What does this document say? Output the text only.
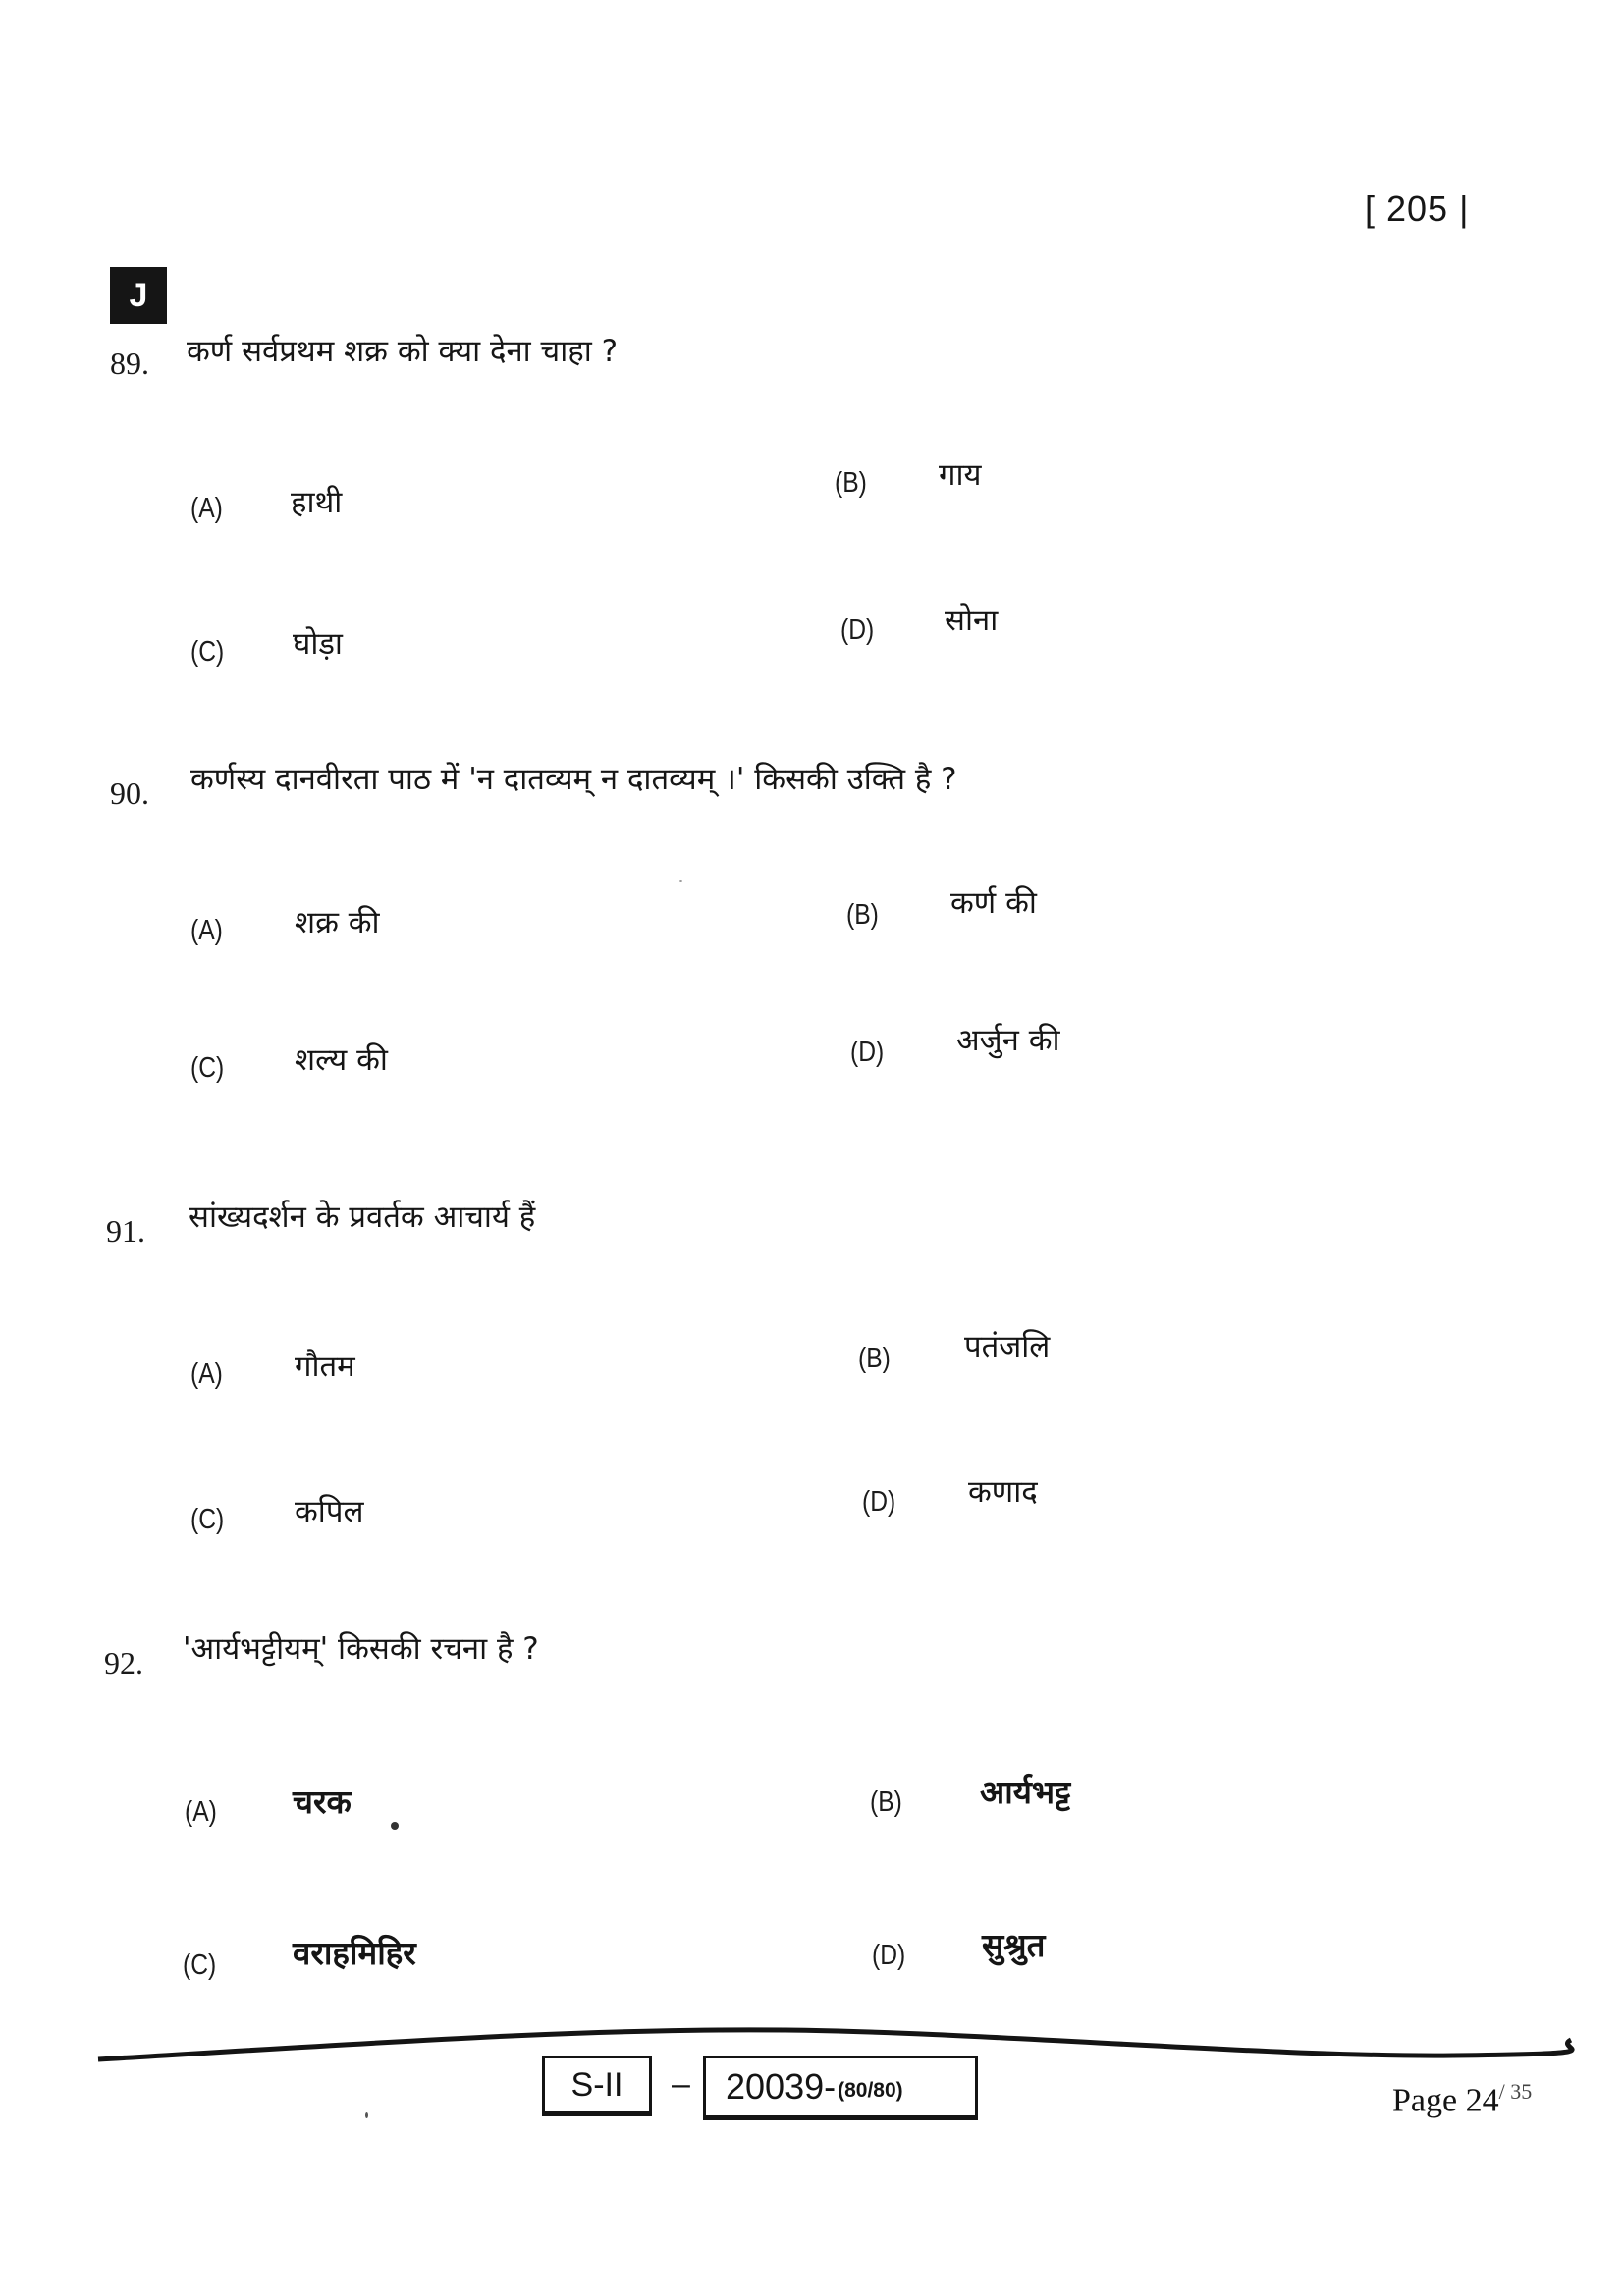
[ 205 |
J
89. कर्ण सर्वप्रथम शक्र को क्या देना चाहा ?
(A) हाथी
(B) गाय
(C) घोड़ा	(D) सोना
90. कर्णस्य दानवीरता पाठ में 'न दातव्यम् न दातव्यम् ।' किसकी उक्ति है ?
(A) शक्र की	(B) कर्ण की
(C) शल्य की	(D) अर्जुन की
91. सांख्यदर्शन के प्रवर्तक आचार्य हैं
(A) गौतम	(B) पतंजलि
(C) कपिल	(D) कणाद
92. 'आर्यभट्टीयम्' किसकी रचना है ?
(A) चरक	(B) आर्यभट्ट
(C) वराहमिहिर	(D) सुश्रुत
S-II – 20039- (80/80)	Page $24^{/ 35}$
